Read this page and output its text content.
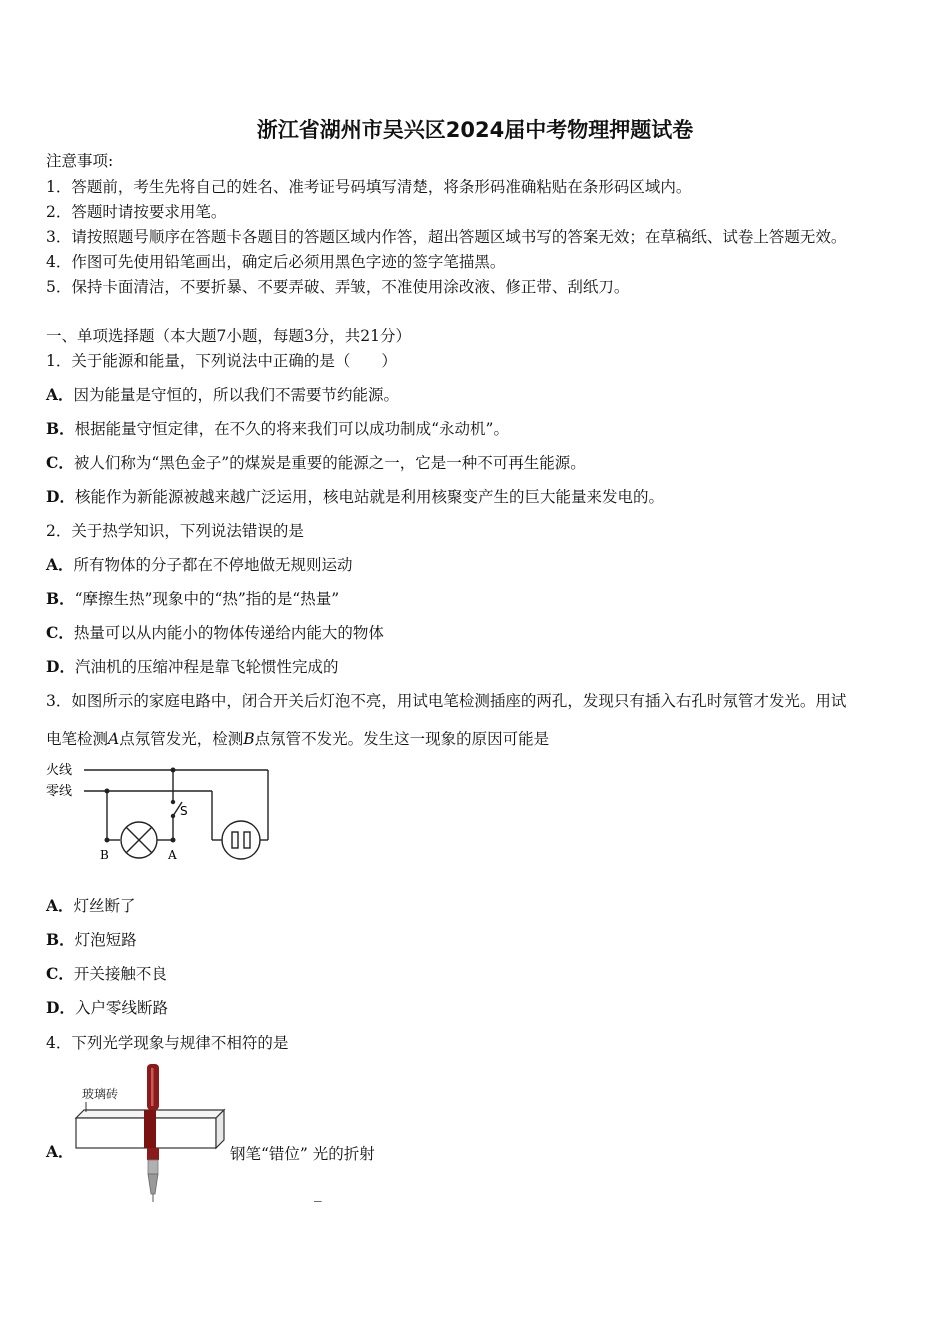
浙江省湖州市吴兴区2024届中考物理押题试卷
注意事项:
1．答题前，考生先将自己的姓名、准考证号码填写清楚，将条形码准确粘贴在条形码区域内。
2．答题时请按要求用笔。
3．请按照题号顺序在答题卡各题目的答题区域内作答，超出答题区域书写的答案无效；在草稿纸、试卷上答题无效。
4．作图可先使用铅笔画出，确定后必须用黑色字迹的签字笔描黑。
5．保持卡面清洁，不要折暴、不要弄破、弄皱，不准使用涂改液、修正带、刮纸刀。
一、单项选择题（本大题7小题，每题3分，共21分）
1．关于能源和能量，下列说法中正确的是（　　）
A．因为能量是守恒的，所以我们不需要节约能源。
B．根据能量守恒定律，在不久的将来我们可以成功制成“永动机”。
C．被人们称为“黑色金子”的煤炭是重要的能源之一，它是一种不可再生能源。
D．核能作为新能源被越来越广泛运用，核电站就是利用核聚变产生的巨大能量来发电的。
2．关于热学知识，下列说法错误的是
A．所有物体的分子都在不停地做无规则运动
B．“摩擦生热”现象中的“热”指的是“热量”
C．热量可以从内能小的物体传递给内能大的物体
D．汽油机的压缩冲程是靠飞轮惯性完成的
3．如图所示的家庭电路中，闭合开关后灯泡不亮，用试电笔检测插座的两孔，发现只有插入右孔时氖管才发光。用试
电笔检测A点氖管发光，检测B点氖管不发光。发生这一现象的原因可能是
火线
零线
S
B	A
A．灯丝断了
B．灯泡短路
C．开关接触不良
D．入户零线断路
4．下列光学现象与规律不相符的是
玻璃砖
A．	钢笔“错位” 光的折射
_
